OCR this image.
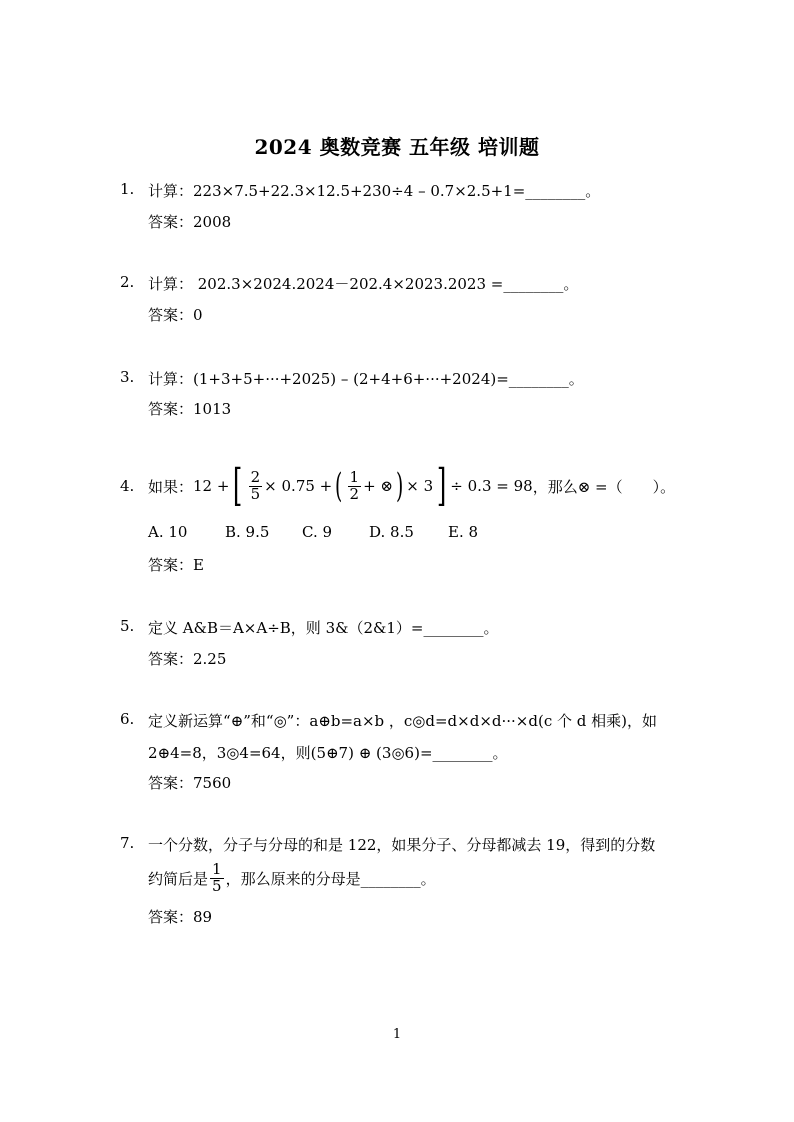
2024 奥数竞赛 五年级 培训题
1. 计算：223×7.5+22.3×12.5+230÷4 – 0.7×2.5+1=________。
答案：2008
2. 计算： 202.3×2024.2024－202.4×2023.2023 =________。
答案：0
3. 计算：(1+3+5+···+2025) – (2+4+6+···+2024)=________。
答案：1013
4. 如果： 12 + [ $\frac{2}{5} \times 0.75$ + ( $\frac{1}{2}$ + ⊗ ) × 3 ] ÷ 0.3 = 98 ，那么⊗ =（　　）。
A. 10	B. 9.5 C. 9 D. 8.5 E. 8
答案：E
5. 定义 A&B＝A×A÷B，则 3&（2&1）=________。
答案：2.25
6. 定义新运算“⊕”和“◎”：a⊕b=a×b ，c◎d=d×d×d···×d(c 个 d 相乘)，如
2⊕4=8，3◎4=64，则(5⊕7) ⊕ (3◎6)=________。
答案：7560
7. 一个分数，分子与分母的和是 122，如果分子、分母都减去 19，得到的分数
约简后是 $\frac{1}{5}$ ，那么原来的分母是________。
答案：89
1
